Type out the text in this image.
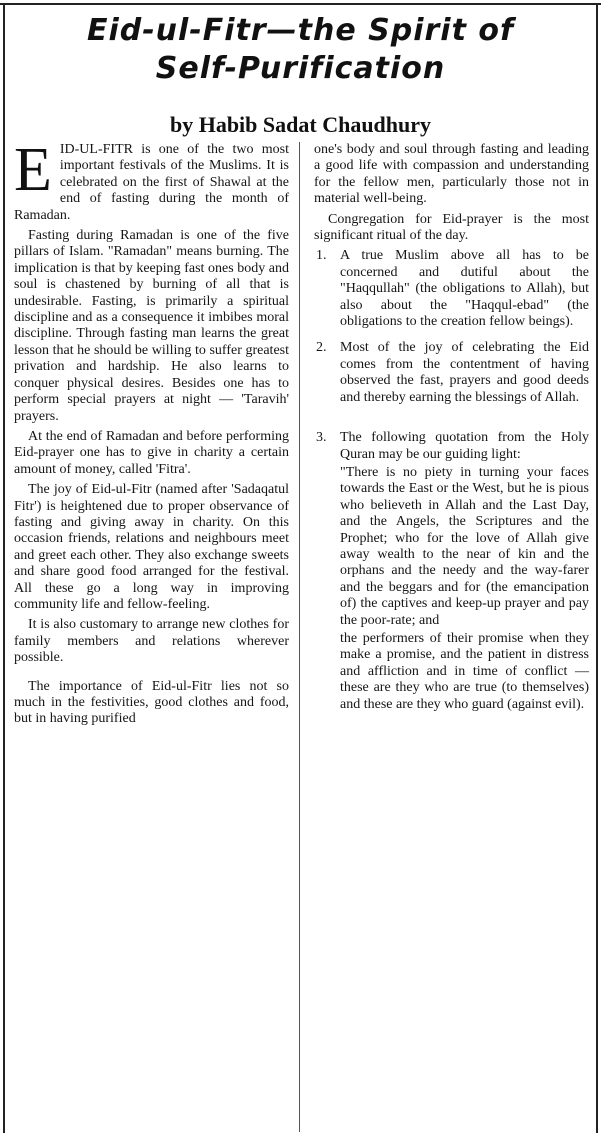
Eid-ul-Fitr—the Spirit of
Self-Purification
by Habib Sadat Chaudhury

EID-UL-FITR is one of the two most important festivals of the Muslims. It is celebrated on the first of Shawal at the end of fasting during the month of Ramadan.

Fasting during Ramadan is one of the five pillars of Islam. "Ramadan" means burning. The implication is that by keeping fast ones body and soul is chastened by burning of all that is undesirable. Fasting, is primarily a spiritual discipline and as a consequence it imbibes moral discipline. Through fasting man learns the great lesson that he should be willing to suffer greatest privation and hardship. He also learns to conquer physical desires. Besides one has to perform special prayers at night — 'Taravih' prayers.

At the end of Ramadan and before performing Eid-prayer one has to give in charity a certain amount of money, called 'Fitra'.

The joy of Eid-ul-Fitr (named after 'Sadaqatul Fitr') is heightened due to proper observance of fasting and giving away in charity. On this occasion friends, relations and neighbours meet and greet each other. They also exchange sweets and share good food arranged for the festival. All these go a long way in improving community life and fellow-feeling.

It is also customary to arrange new clothes for family members and relations wherever possible.

The importance of Eid-ul-Fitr lies not so much in the festivities, good clothes and food, but in having purified

one's body and soul through fasting and leading a good life with compassion and understanding for the fellow men, particularly those not in material well-being.

Congregation for Eid-prayer is the most significant ritual of the day.

1. A true Muslim above all has to be concerned and dutiful about the "Haqqullah" (the obligations to Allah), but also about the "Haqqul-ebad" (the obligations to the creation fellow beings).
2. Most of the joy of celebrating the Eid comes from the contentment of having observed the fast, prayers and good deeds and thereby earning the blessings of Allah.
3. The following quotation from the Holy Quran may be our guiding light:
"There is no piety in turning your faces towards the East or the West, but he is pious who believeth in Allah and the Last Day, and the Angels, the Scriptures and the Prophet; who for the love of Allah give away wealth to the near of kin and the orphans and the needy and the way-farer and the beggars and for (the emancipation of) the captives and keep-up prayer and pay the poor-rate; and
the performers of their promise when they make a promise, and the patient in distress and affliction and in time of conflict — these are they who are true (to themselves) and these are they who guard (against evil).
